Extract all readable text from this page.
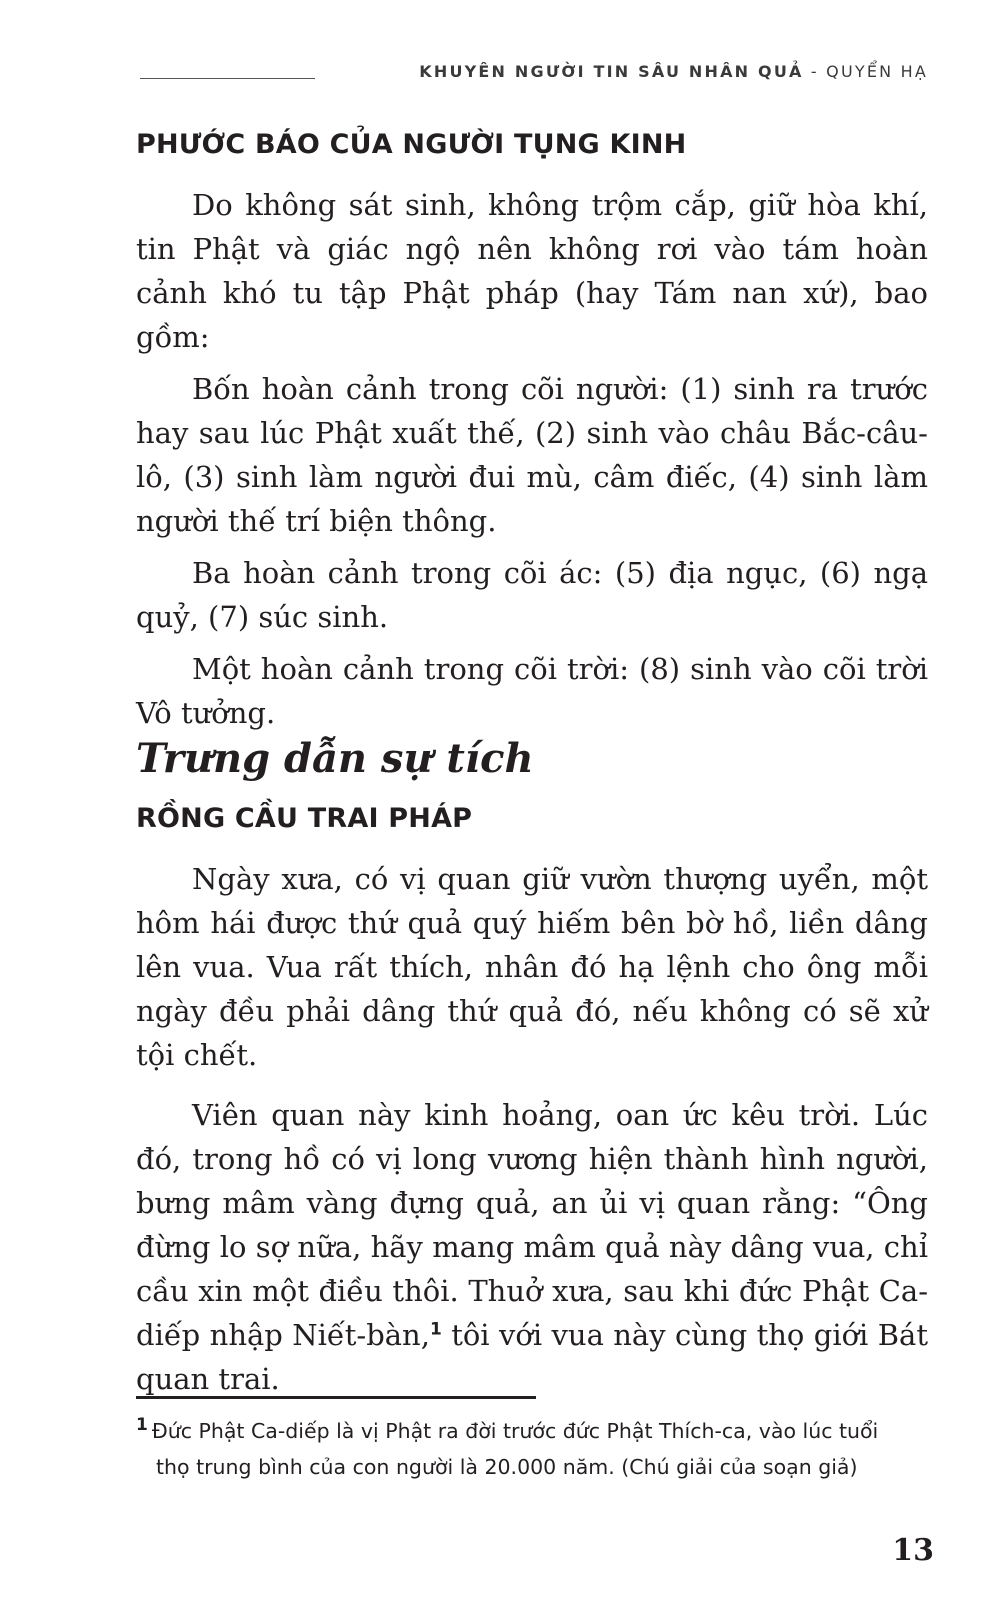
KHUYÊN NGƯỜI TIN SÂU NHÂN QUẢ - QUYỂN HẠ
PHƯỚC BÁO CỦA NGƯỜI TỤNG KINH

Do không sát sinh, không trộm cắp, giữ hòa khí, tin Phật và giác ngộ nên không rơi vào tám hoàn cảnh khó tu tập Phật pháp (hay Tám nan xứ), bao gồm:

Bốn hoàn cảnh trong cõi người: (1) sinh ra trước hay sau lúc Phật xuất thế, (2) sinh vào châu Bắc-câu-lô, (3) sinh làm người đui mù, câm điếc, (4) sinh làm người thế trí biện thông.

Ba hoàn cảnh trong cõi ác: (5) địa ngục, (6) ngạ quỷ, (7) súc sinh.

Một hoàn cảnh trong cõi trời: (8) sinh vào cõi trời Vô tưởng.

Trưng dẫn sự tích
RỒNG CẦU TRAI PHÁP

Ngày xưa, có vị quan giữ vườn thượng uyển, một hôm hái được thứ quả quý hiếm bên bờ hồ, liền dâng lên vua. Vua rất thích, nhân đó hạ lệnh cho ông mỗi ngày đều phải dâng thứ quả đó, nếu không có sẽ xử tội chết.

Viên quan này kinh hoảng, oan ức kêu trời. Lúc đó, trong hồ có vị long vương hiện thành hình người, bưng mâm vàng đựng quả, an ủi vị quan rằng: “Ông đừng lo sợ nữa, hãy mang mâm quả này dâng vua, chỉ cầu xin một điều thôi. Thuở xưa, sau khi đức Phật Ca-diếp nhập Niết-bàn,$^1$ tôi với vua này cùng thọ giới Bát quan trai.

$^1$ Đức Phật Ca-diếp là vị Phật ra đời trước đức Phật Thích-ca, vào lúc tuổi
thọ trung bình của con người là 20.000 năm. (Chú giải của soạn giả)
13
